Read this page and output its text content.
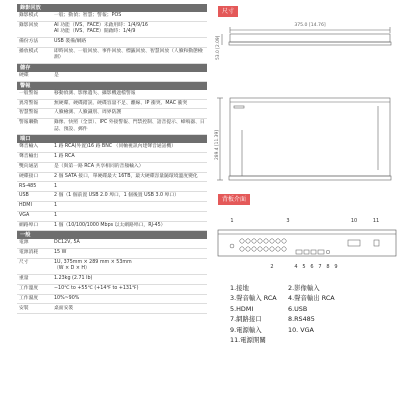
錄影回放
錄影模式	一般；動偵；智慧；警報；POS
錄影回放	AI 功能（IVS、FACE）未啟用時：1/4/9/16
AI 功能（IVS、FACE）開啟時：1/4/9
備份方法	USB 裝備/網路
播放模式	即時回放、一般回放、事件回放、標籤回放、智慧回放（人臉和動態檢測）
儲存
硬碟	是
警報
一般警報	移動偵測、影像遺失、攝影機遮檔警報
異常警報	無硬碟、硬碟錯誤、硬碟容量不足、離線、IP 衝突、MAC 衝突
智慧警報	人臉檢測、人臉識別、周界防護
警報聯動	錄像、快照（全景）、IPC 外接警報、門禁控制、語音提示、蜂鳴器、日誌、預設、郵件
端口
聲音輸入	1 路 RCA(外置)16 路 BNC （同軸視訊內建聲音通話機）
聲音輸出	1 路 RCA
雙向通話	是（與第一路 RCA 共享相同的音頻輸入）
硬碟接口	2 個 SATA 接口，單硬碟最大 16TB，最大硬碟容量隨環境溫度變化
RS-485	1
USB	2 個（1 個前置 USB 2.0 埠口，1 個後置 USB 3.0 埠口）
HDMI	1
VGA	1
網路埠口	1 個（10/100/1000 Mbps 以太網路埠口，RJ-45）
一般
電源	DC12V, 5A
電源消耗	15 W
尺寸	1U, 375mm × 289 mm × 53mm
（W × D × H）
重量	1.23kg (2.71 lb)
工作溫度	−10℃ to +55℃ (+14℉ to +131℉)
工作濕度	10%~90%
安裝	桌面安裝
尺寸
375.0 [14.76]
53.0 [2.09]
289.4 [11.39]
背板介面
1	3	10	11
2	4 5 6 7 8 9
1.接地	2.影像輸入
3.聲音輸入 RCA	4.聲音輸出 RCA
5.HDMI	6.USB
7.網路接口	8.RS485
9.電源輸入	10. VGA
11.電源開關
